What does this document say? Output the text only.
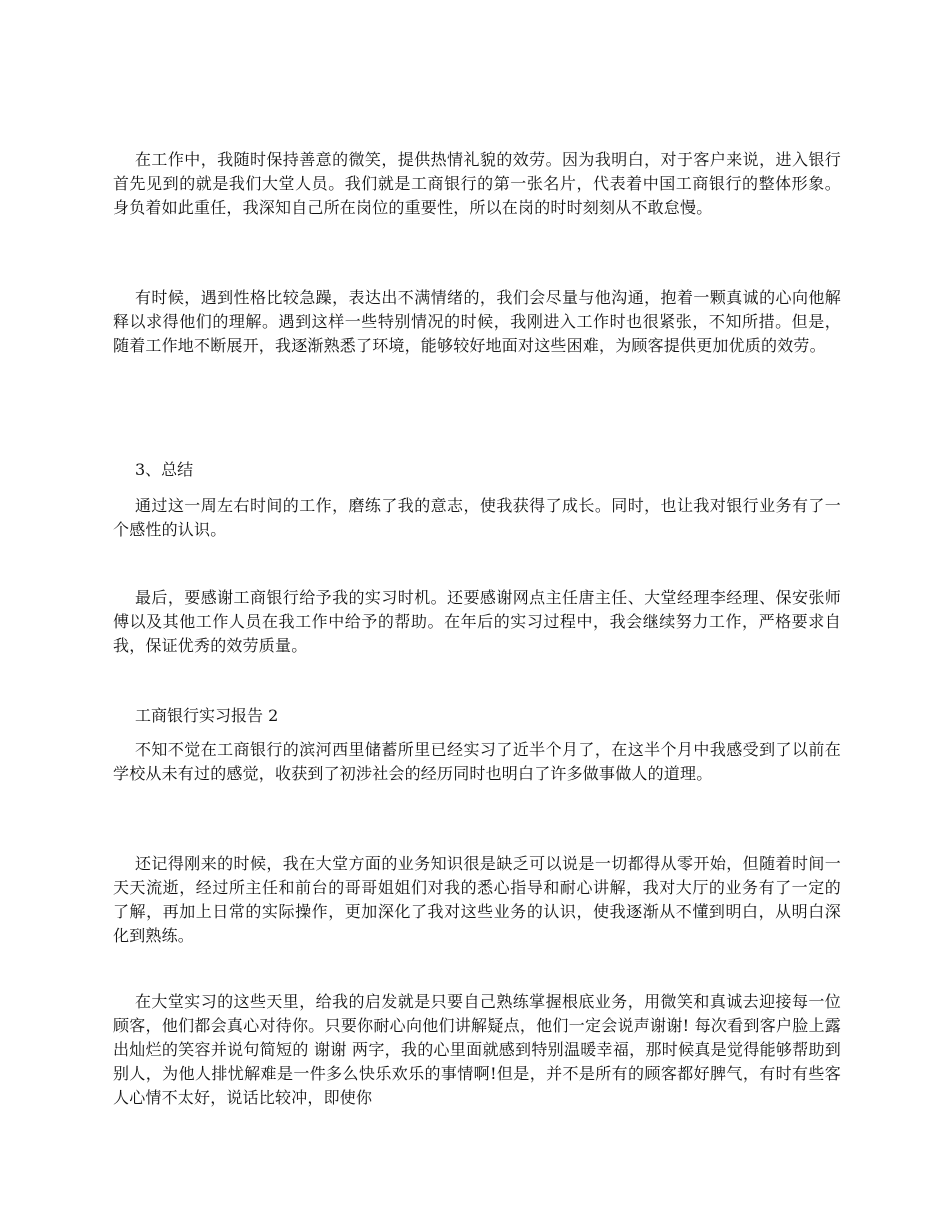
在工作中，我随时保持善意的微笑，提供热情礼貌的效劳。因为我明白，对于客户来说，进入银行首先见到的就是我们大堂人员。我们就是工商银行的第一张名片，代表着中国工商银行的整体形象。身负着如此重任，我深知自己所在岗位的重要性，所以在岗的时时刻刻从不敢怠慢。

有时候，遇到性格比较急躁，表达出不满情绪的，我们会尽量与他沟通，抱着一颗真诚的心向他解释以求得他们的理解。遇到这样一些特别情况的时候，我刚进入工作时也很紧张，不知所措。但是，随着工作地不断展开，我逐渐熟悉了环境，能够较好地面对这些困难，为顾客提供更加优质的效劳。

3、总结

通过这一周左右时间的工作，磨练了我的意志，使我获得了成长。同时，也让我对银行业务有了一个感性的认识。

最后，要感谢工商银行给予我的实习时机。还要感谢网点主任唐主任、大堂经理李经理、保安张师傅以及其他工作人员在我工作中给予的帮助。在年后的实习过程中，我会继续努力工作，严格要求自我，保证优秀的效劳质量。

工商银行实习报告 2

不知不觉在工商银行的滨河西里储蓄所里已经实习了近半个月了，在这半个月中我感受到了以前在学校从未有过的感觉，收获到了初涉社会的经历同时也明白了许多做事做人的道理。

还记得刚来的时候，我在大堂方面的业务知识很是缺乏可以说是一切都得从零开始，但随着时间一天天流逝，经过所主任和前台的哥哥姐姐们对我的悉心指导和耐心讲解，我对大厅的业务有了一定的了解，再加上日常的实际操作，更加深化了我对这些业务的认识，使我逐渐从不懂到明白，从明白深化到熟练。

在大堂实习的这些天里，给我的启发就是只要自己熟练掌握根底业务，用微笑和真诚去迎接每一位顾客，他们都会真心对待你。只要你耐心向他们讲解疑点，他们一定会说声谢谢! 每次看到客户脸上露出灿烂的笑容并说句简短的 谢谢 两字，我的心里面就感到特别温暖幸福，那时候真是觉得能够帮助到别人，为他人排忧解难是一件多么快乐欢乐的事情啊!但是，并不是所有的顾客都好脾气，有时有些客人心情不太好，说话比较冲，即使你
